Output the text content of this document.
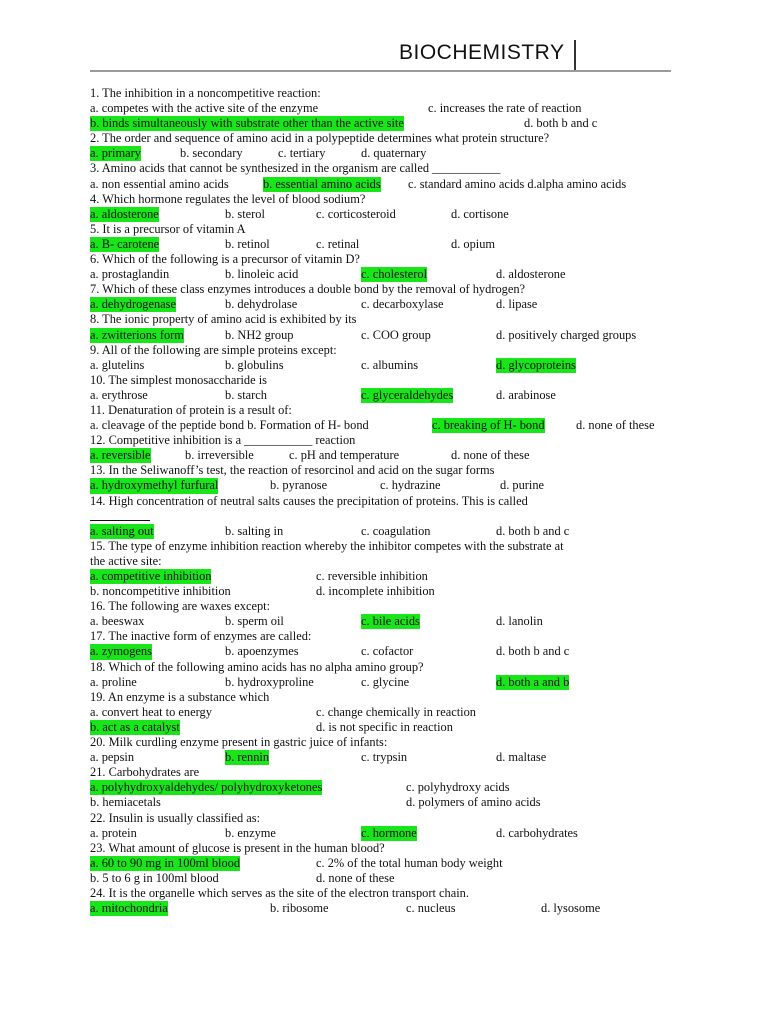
BIOCHEMISTRY
1. The inhibition in a noncompetitive reaction:
a. competes with the active site of the enzyme	c. increases the rate of reaction
b. binds simultaneously with substrate other than the active site	d. both b and c
2. The order and sequence of amino acid in a polypeptide determines what protein structure?
a. primary	b. secondary	c. tertiary	d. quaternary
3. Amino acids that cannot be synthesized in the organism are called ___________
a. non essential amino acids	b. essential amino acids c. standard amino acids d.alpha amino acids
4. Which hormone regulates the level of blood sodium?
a. aldosterone	b. sterol	c. corticosteroid	d. cortisone
5. It is a precursor of vitamin A
a. B- carotene	b. retinol	c. retinal	d. opium
6. Which of the following is a precursor of vitamin D?
a. prostaglandin	b. linoleic acid	c. cholesterol	d. aldosterone
7. Which of these class enzymes introduces a double bond by the removal of hydrogen?
a. dehydrogenase	b. dehydrolase	c. decarboxylase	d. lipase
8. The ionic property of amino acid is exhibited by its
a. zwitterions form	b. NH2 group	c. COO group	d. positively charged groups
9. All of the following are simple proteins except:
a. glutelins	b. globulins	c. albumins	d. glycoproteins
10. The simplest monosaccharide is
a. erythrose	b. starch	c. glyceraldehydes	d. arabinose
11. Denaturation of protein is a result of:
a. cleavage of the peptide bond b. Formation of H- bond	c. breaking of H- bond	d. none of these
12. Competitive inhibition is a ___________ reaction
a. reversible	b. irreversible	c. pH and temperature	d. none of these
13. In the Seliwanoff’s test, the reaction of resorcinol and acid on the sugar forms
a. hydroxymethyl furfural	b. pyranose	c. hydrazine	d. purine
14. High concentration of neutral salts causes the precipitation of proteins. This is called
a. salting out	b. salting in	c. coagulation	d. both b and c
15. The type of enzyme inhibition reaction whereby the inhibitor competes with the substrate at
the active site:
a. competitive inhibition	c. reversible inhibition
b. noncompetitive inhibition	d. incomplete inhibition
16. The following are waxes except:
a. beeswax	b. sperm oil	c. bile acids	d. lanolin
17. The inactive form of enzymes are called:
a. zymogens	b. apoenzymes	c. cofactor	d. both b and c
18. Which of the following amino acids has no alpha amino group?
a. proline	b. hydroxyproline	c. glycine	d. both a and b
19. An enzyme is a substance which
a. convert heat to energy	c. change chemically in reaction
b. act as a catalyst	d. is not specific in reaction
20. Milk curdling enzyme present in gastric juice of infants:
a. pepsin	b. rennin	c. trypsin	d. maltase
21. Carbohydrates are
a. polyhydroxyaldehydes/ polyhydroxyketones	c. polyhydroxy acids
b. hemiacetals	d. polymers of amino acids
22. Insulin is usually classified as:
a. protein	b. enzyme	c. hormone	d. carbohydrates
23. What amount of glucose is present in the human blood?
a. 60 to 90 mg in 100ml blood	c. 2% of the total human body weight
b. 5 to 6 g in 100ml blood	d. none of these
24. It is the organelle which serves as the site of the electron transport chain.
a. mitochondria	b. ribosome	c. nucleus	d. lysosome
